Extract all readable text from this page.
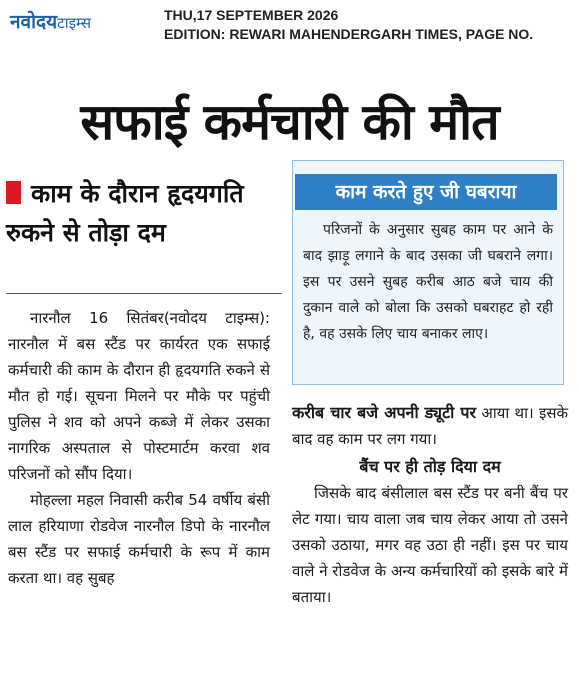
नवोदयटाइम्स	THU,17 SEPTEMBER 2026
EDITION: REWARI MAHENDERGARH TIMES, PAGE NO.
सफाई कर्मचारी की मौत
काम के दौरान हृदयगति रुकने से तोड़ा दम

नारनौल 16 सितंबर(नवोदय टाइम्स): नारनौल में बस स्टैंड पर कार्यरत एक सफाई कर्मचारी की काम के दौरान ही हृदयगति रुकने से मौत हो गई। सूचना मिलने पर मौके पर पहुंची पुलिस ने शव को अपने कब्जे में लेकर उसका नागरिक अस्पताल से पोस्टमार्टम करवा शव परिजनों को सौंप दिया।

मोहल्ला महल निवासी करीब 54 वर्षीय बंसी लाल हरियाणा रोडवेज नारनौल डिपो के नारनौल बस स्टैंड पर सफाई कर्मचारी के रूप में काम करता था। वह सुबह

काम करते हुए जी घबराया
परिजनों के अनुसार सुबह काम पर आने के बाद झाड़ू लगाने के बाद उसका जी घबराने लगा। इस पर उसने सुबह करीब आठ बजे चाय की दुकान वाले को बोला कि उसको घबराहट हो रही है, वह उसके लिए चाय बनाकर लाए।

करीब चार बजे अपनी ड्यूटी पर आया था। इसके बाद वह काम पर लग गया।

बैंच पर ही तोड़ दिया दम

जिसके बाद बंसीलाल बस स्टैंड पर बनी बैंच पर लेट गया। चाय वाला जब चाय लेकर आया तो उसने उसको उठाया, मगर वह उठा ही नहीं। इस पर चाय वाले ने रोडवेज के अन्य कर्मचारियों को इसके बारे में बताया।
